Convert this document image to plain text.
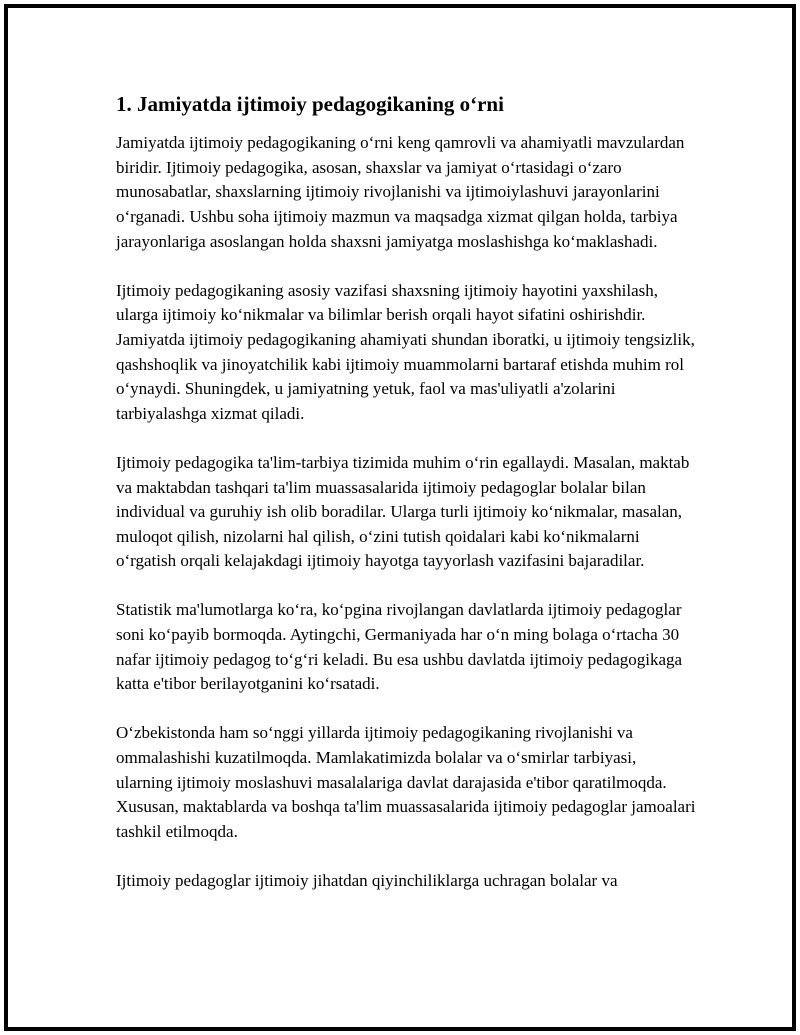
1. Jamiyatda ijtimoiy pedagogikaning oʻrni

Jamiyatda ijtimoiy pedagogikaning oʻrni keng qamrovli va ahamiyatli mavzulardan biridir. Ijtimoiy pedagogika, asosan, shaxslar va jamiyat oʻrtasidagi oʻzaro munosabatlar, shaxslarning ijtimoiy rivojlanishi va ijtimoiylashuvi jarayonlarini oʻrganadi. Ushbu soha ijtimoiy mazmun va maqsadga xizmat qilgan holda, tarbiya jarayonlariga asoslangan holda shaxsni jamiyatga moslashishga koʻmaklashadi.

Ijtimoiy pedagogikaning asosiy vazifasi shaxsning ijtimoiy hayotini yaxshilash, ularga ijtimoiy koʻnikmalar va bilimlar berish orqali hayot sifatini oshirishdir. Jamiyatda ijtimoiy pedagogikaning ahamiyati shundan iboratki, u ijtimoiy tengsizlik, qashshoqlik va jinoyatchilik kabi ijtimoiy muammolarni bartaraf etishda muhim rol oʻynaydi. Shuningdek, u jamiyatning yetuk, faol va mas'uliyatli a'zolarini tarbiyalashga xizmat qiladi.

Ijtimoiy pedagogika ta'lim-tarbiya tizimida muhim oʻrin egallaydi. Masalan, maktab va maktabdan tashqari ta'lim muassasalarida ijtimoiy pedagoglar bolalar bilan individual va guruhiy ish olib boradilar. Ularga turli ijtimoiy koʻnikmalar, masalan, muloqot qilish, nizolarni hal qilish, oʻzini tutish qoidalari kabi koʻnikmalarni oʻrgatish orqali kelajakdagi ijtimoiy hayotga tayyorlash vazifasini bajaradilar.

Statistik ma'lumotlarga koʻra, koʻpgina rivojlangan davlatlarda ijtimoiy pedagoglar soni koʻpayib bormoqda. Aytingchi, Germaniyada har oʻn ming bolaga oʻrtacha 30 nafar ijtimoiy pedagog toʻgʻri keladi. Bu esa ushbu davlatda ijtimoiy pedagogikaga katta e'tibor berilayotganini koʻrsatadi.

Oʻzbekistonda ham soʻnggi yillarda ijtimoiy pedagogikaning rivojlanishi va ommalashishi kuzatilmoqda. Mamlakatimizda bolalar va oʻsmirlar tarbiyasi, ularning ijtimoiy moslashuvi masalalariga davlat darajasida e'tibor qaratilmoqda. Xususan, maktablarda va boshqa ta'lim muassasalarida ijtimoiy pedagoglar jamoalari tashkil etilmoqda.

Ijtimoiy pedagoglar ijtimoiy jihatdan qiyinchiliklarga uchragan bolalar va
